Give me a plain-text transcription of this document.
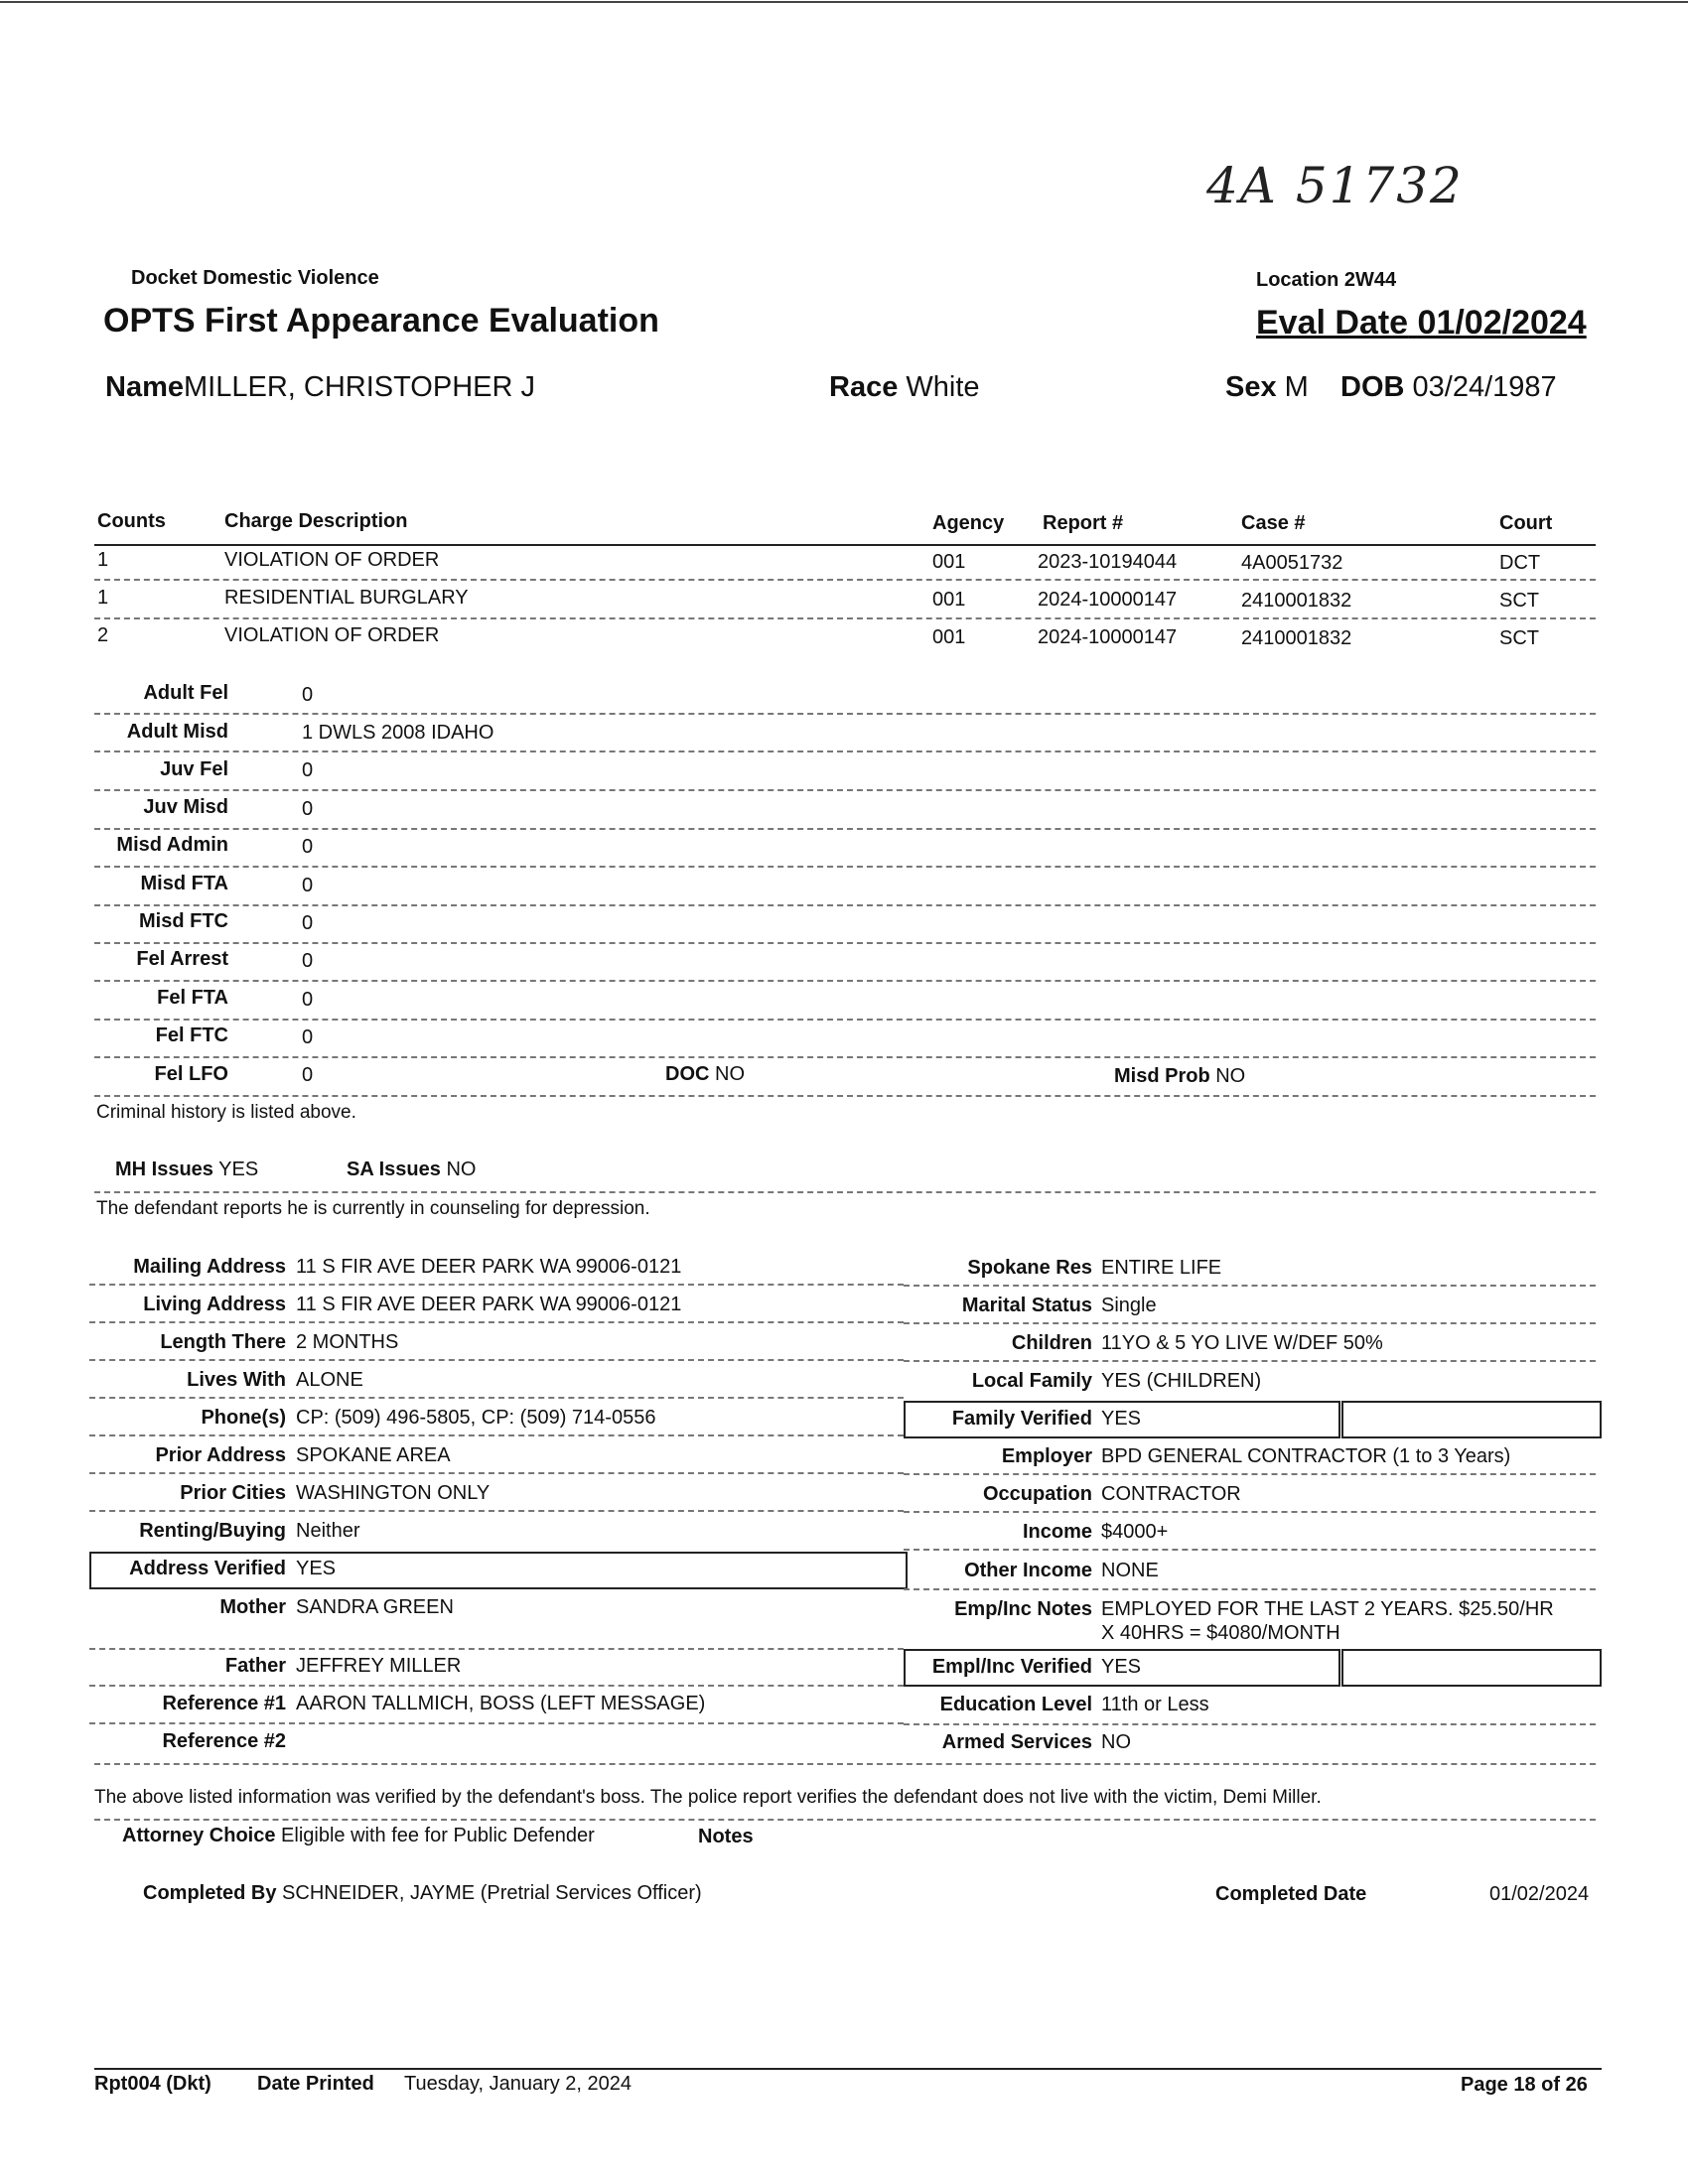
4A 51732
Docket Domestic Violence
OPTS First Appearance Evaluation
Location 2W44
Eval Date 01/02/2024
NameMILLER, CHRISTOPHER J	Race White	Sex M DOB 03/24/1987
Counts	Charge Description	Agency Report #	Case #	Court
1	VIOLATION OF ORDER	001	2023-10194044	4A0051732	DCT
1	RESIDENTIAL BURGLARY	001	2024-10000147	2410001832	SCT
2	VIOLATION OF ORDER	001	2024-10000147	2410001832	SCT
Adult Fel	0
Adult Misd	1 DWLS 2008 IDAHO
Juv Fel	0
Juv Misd	0
Misd Admin	0
Misd FTA	0
Misd FTC	0
Fel Arrest	0
Fel FTA	0
Fel FTC	0
Fel LFO	0	DOC NO	Misd Prob NO
Criminal history is listed above.
MH Issues YES	SA Issues NO
The defendant reports he is currently in counseling for depression.
Mailing Address 11 S FIR AVE DEER PARK WA 99006-0121
Living Address 11 S FIR AVE DEER PARK WA 99006-0121
Length There 2 MONTHS
Lives With ALONE
Phone(s) CP: (509) 496-5805, CP: (509) 714-0556
Prior Address SPOKANE AREA
Prior Cities WASHINGTON ONLY
Renting/Buying Neither
Address Verified YES
Mother SANDRA GREEN
Father JEFFREY MILLER
Reference #1 AARON TALLMICH, BOSS (LEFT MESSAGE)
Reference #2
Spokane Res ENTIRE LIFE
Marital Status Single
Children 11YO & 5 YO LIVE W/DEF 50%
Local Family YES (CHILDREN)
Family Verified YES
Employer BPD GENERAL CONTRACTOR (1 to 3 Years)
Occupation CONTRACTOR
Income $4000+
Other Income NONE
Emp/Inc Notes EMPLOYED FOR THE LAST 2 YEARS. $25.50/HR
X 40HRS = $4080/MONTH
Empl/Inc Verified YES
Education Level 11th or Less
Armed Services NO
The above listed information was verified by the defendant's boss. The police report verifies the defendant does not live with the victim, Demi Miller.
Attorney Choice Eligible with fee for Public Defender	Notes
Completed By SCHNEIDER, JAYME (Pretrial Services Officer)	Completed Date	01/02/2024
Rpt004 (Dkt) Date Printed Tuesday, January 2, 2024	Page 18 of 26
